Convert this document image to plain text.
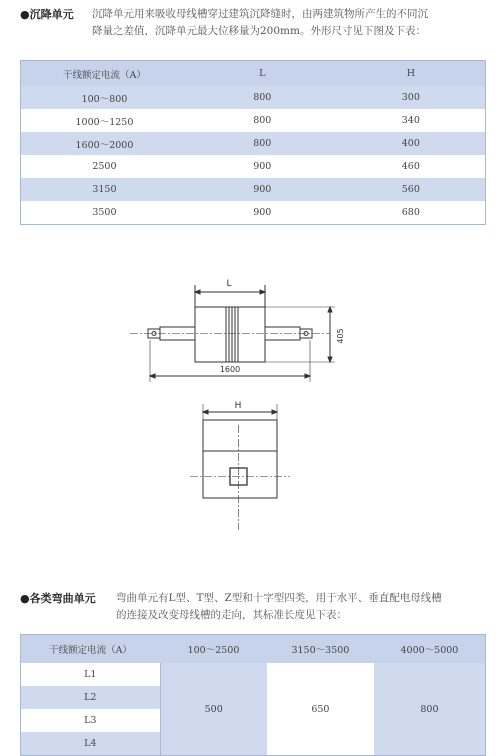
●沉降单元 沉降单元用来吸收母线槽穿过建筑沉降缝时，由两建筑物所产生的不同沉
降量之差值，沉降单元最大位移量为200mm。外形尺寸见下图及下表：
干线额定电流（A）	L	H
100～800	800	300
1000～1250	800	340
1600～2000	800	400
2500	900	460
3150	900	560
3500	900	680
L
405
1600
H
●各类弯曲单元 弯曲单元有L型、T型、Z型和十字型四类，用于水平、垂直配电母线槽
的连接及改变母线槽的走向，其标准长度见下表：
干线额定电流（A）	100～2500	3150～3500	4000～5000
L1	500	650	800
L2			
L3			
L4			
